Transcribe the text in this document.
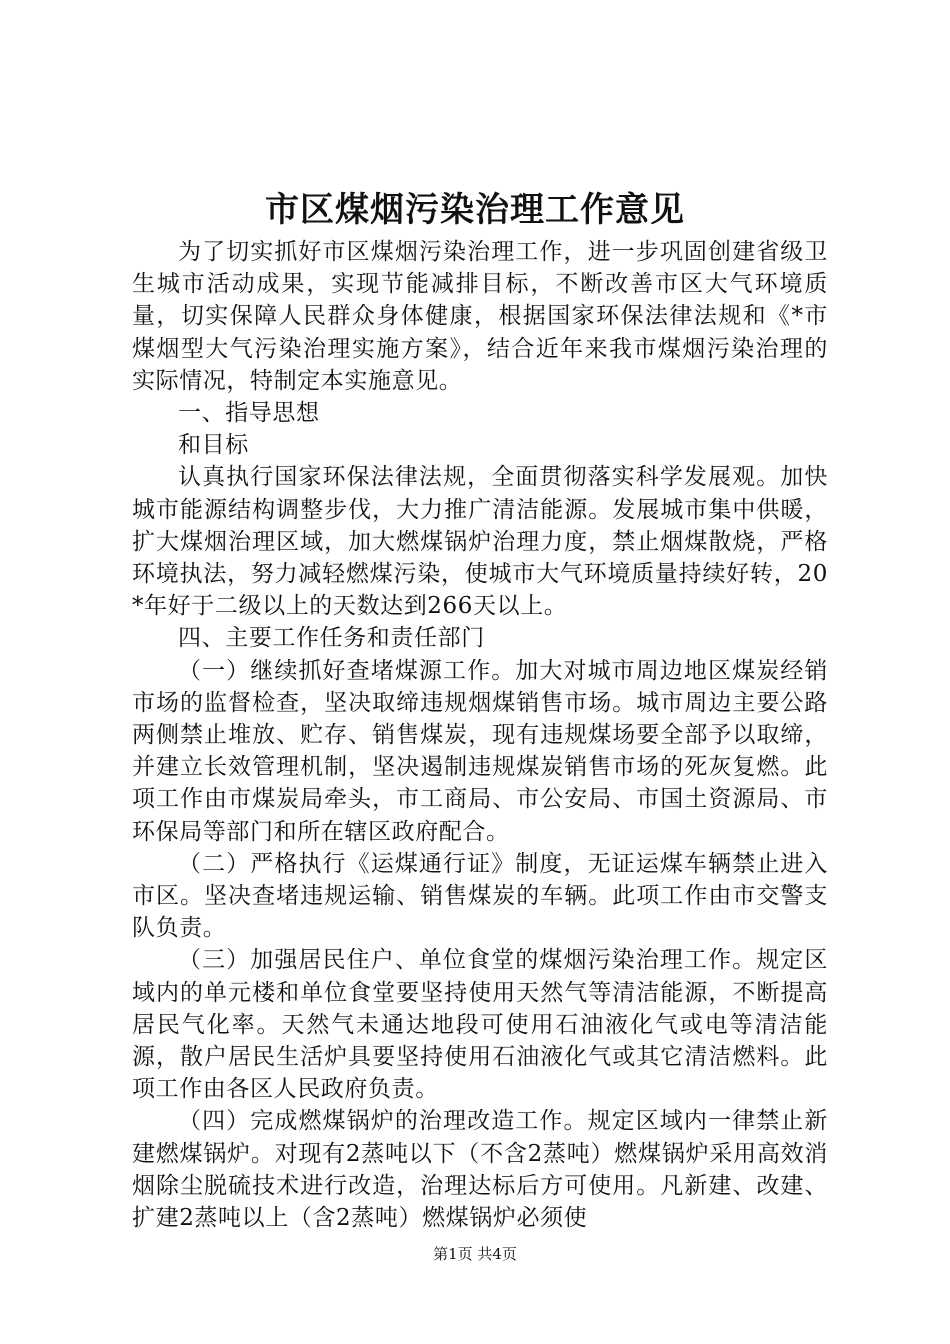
市区煤烟污染治理工作意见

为了切实抓好市区煤烟污染治理工作，进一步巩固创建省级卫生城市活动成果，实现节能减排目标，不断改善市区大气环境质量，切实保障人民群众身体健康，根据国家环保法律法规和《*市煤烟型大气污染治理实施方案》，结合近年来我市煤烟污染治理的实际情况，特制定本实施意见。

一、指导思想

和目标

认真执行国家环保法律法规，全面贯彻落实科学发展观。加快城市能源结构调整步伐，大力推广清洁能源。发展城市集中供暖，扩大煤烟治理区域，加大燃煤锅炉治理力度，禁止烟煤散烧，严格环境执法，努力减轻燃煤污染，使城市大气环境质量持续好转，20*年好于二级以上的天数达到266天以上。

四、主要工作任务和责任部门

（一）继续抓好查堵煤源工作。加大对城市周边地区煤炭经销市场的监督检查，坚决取缔违规烟煤销售市场。城市周边主要公路两侧禁止堆放、贮存、销售煤炭，现有违规煤场要全部予以取缔，并建立长效管理机制，坚决遏制违规煤炭销售市场的死灰复燃。此项工作由市煤炭局牵头，市工商局、市公安局、市国土资源局、市环保局等部门和所在辖区政府配合。

（二）严格执行《运煤通行证》制度，无证运煤车辆禁止进入市区。坚决查堵违规运输、销售煤炭的车辆。此项工作由市交警支队负责。

（三）加强居民住户、单位食堂的煤烟污染治理工作。规定区域内的单元楼和单位食堂要坚持使用天然气等清洁能源，不断提高居民气化率。天然气未通达地段可使用石油液化气或电等清洁能源，散户居民生活炉具要坚持使用石油液化气或其它清洁燃料。此项工作由各区人民政府负责。

（四）完成燃煤锅炉的治理改造工作。规定区域内一律禁止新建燃煤锅炉。对现有2蒸吨以下（不含2蒸吨）燃煤锅炉采用高效消烟除尘脱硫技术进行改造，治理达标后方可使用。凡新建、改建、扩建2蒸吨以上（含2蒸吨）燃煤锅炉必须使

第1页 共4页
